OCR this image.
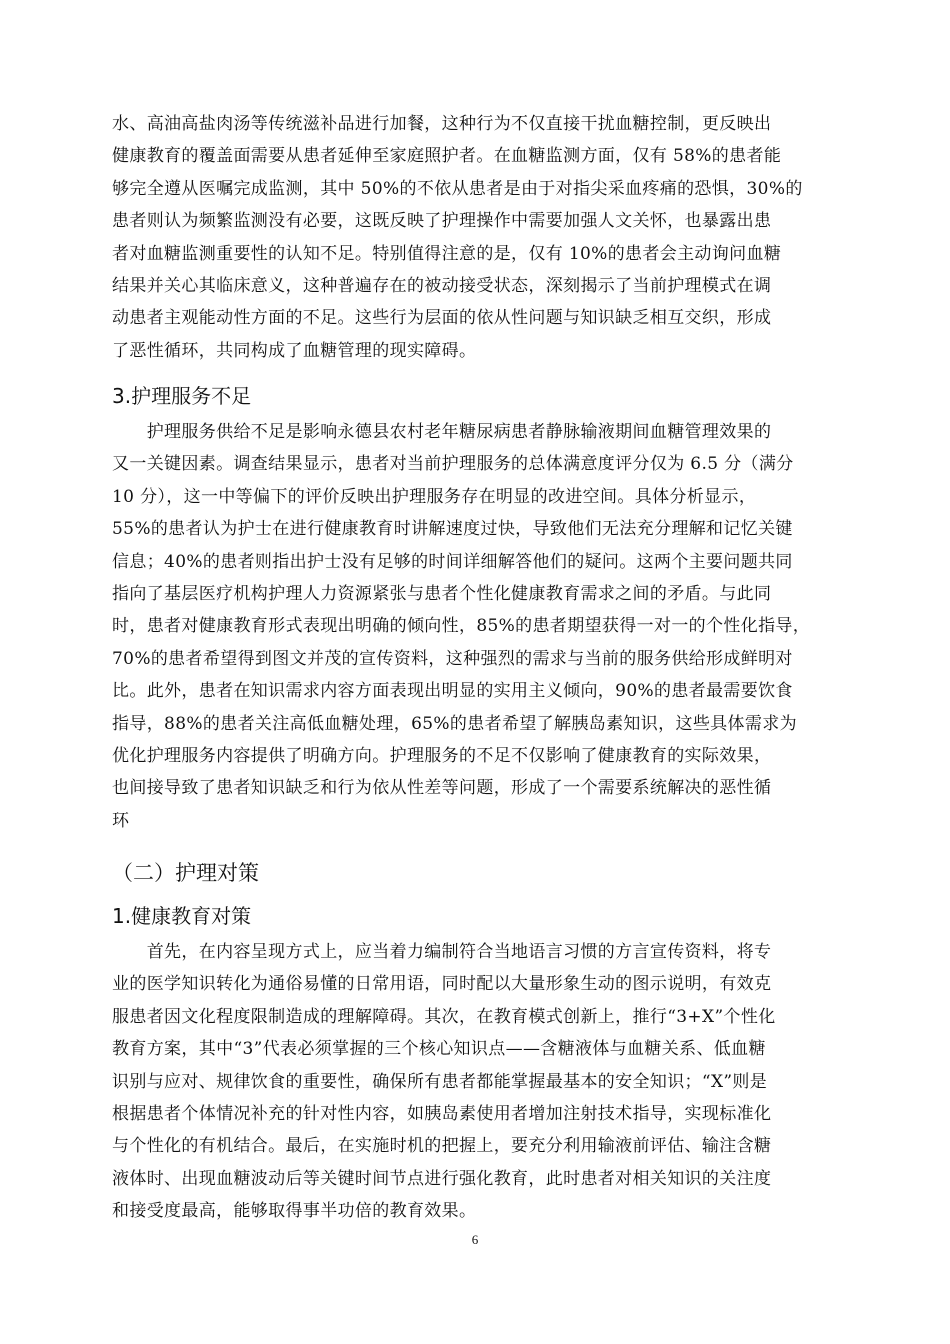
水、高油高盐肉汤等传统滋补品进行加餐，这种行为不仅直接干扰血糖控制，更反映出
健康教育的覆盖面需要从患者延伸至家庭照护者。在血糖监测方面，仅有 58%的患者能
够完全遵从医嘱完成监测，其中 50%的不依从患者是由于对指尖采血疼痛的恐惧，30%的
患者则认为频繁监测没有必要，这既反映了护理操作中需要加强人文关怀，也暴露出患
者对血糖监测重要性的认知不足。特别值得注意的是，仅有 10%的患者会主动询问血糖
结果并关心其临床意义，这种普遍存在的被动接受状态，深刻揭示了当前护理模式在调
动患者主观能动性方面的不足。这些行为层面的依从性问题与知识缺乏相互交织，形成
了恶性循环，共同构成了血糖管理的现实障碍。
3.护理服务不足
　　护理服务供给不足是影响永德县农村老年糖尿病患者静脉输液期间血糖管理效果的
又一关键因素。调查结果显示，患者对当前护理服务的总体满意度评分仅为 6.5 分（满分
10 分），这一中等偏下的评价反映出护理服务存在明显的改进空间。具体分析显示，
55%的患者认为护士在进行健康教育时讲解速度过快，导致他们无法充分理解和记忆关键
信息；40%的患者则指出护士没有足够的时间详细解答他们的疑问。这两个主要问题共同
指向了基层医疗机构护理人力资源紧张与患者个性化健康教育需求之间的矛盾。与此同
时，患者对健康教育形式表现出明确的倾向性，85%的患者期望获得一对一的个性化指导，
70%的患者希望得到图文并茂的宣传资料，这种强烈的需求与当前的服务供给形成鲜明对
比。此外，患者在知识需求内容方面表现出明显的实用主义倾向，90%的患者最需要饮食
指导，88%的患者关注高低血糖处理，65%的患者希望了解胰岛素知识，这些具体需求为
优化护理服务内容提供了明确方向。护理服务的不足不仅影响了健康教育的实际效果，
也间接导致了患者知识缺乏和行为依从性差等问题，形成了一个需要系统解决的恶性循
环
（二）护理对策
1.健康教育对策
　　首先，在内容呈现方式上，应当着力编制符合当地语言习惯的方言宣传资料，将专
业的医学知识转化为通俗易懂的日常用语，同时配以大量形象生动的图示说明，有效克
服患者因文化程度限制造成的理解障碍。其次，在教育模式创新上，推行“3+X”个性化
教育方案，其中“3”代表必须掌握的三个核心知识点——含糖液体与血糖关系、低血糖
识别与应对、规律饮食的重要性，确保所有患者都能掌握最基本的安全知识；“X”则是
根据患者个体情况补充的针对性内容，如胰岛素使用者增加注射技术指导，实现标准化
与个性化的有机结合。最后，在实施时机的把握上，要充分利用输液前评估、输注含糖
液体时、出现血糖波动后等关键时间节点进行强化教育，此时患者对相关知识的关注度
和接受度最高，能够取得事半功倍的教育效果。
6
